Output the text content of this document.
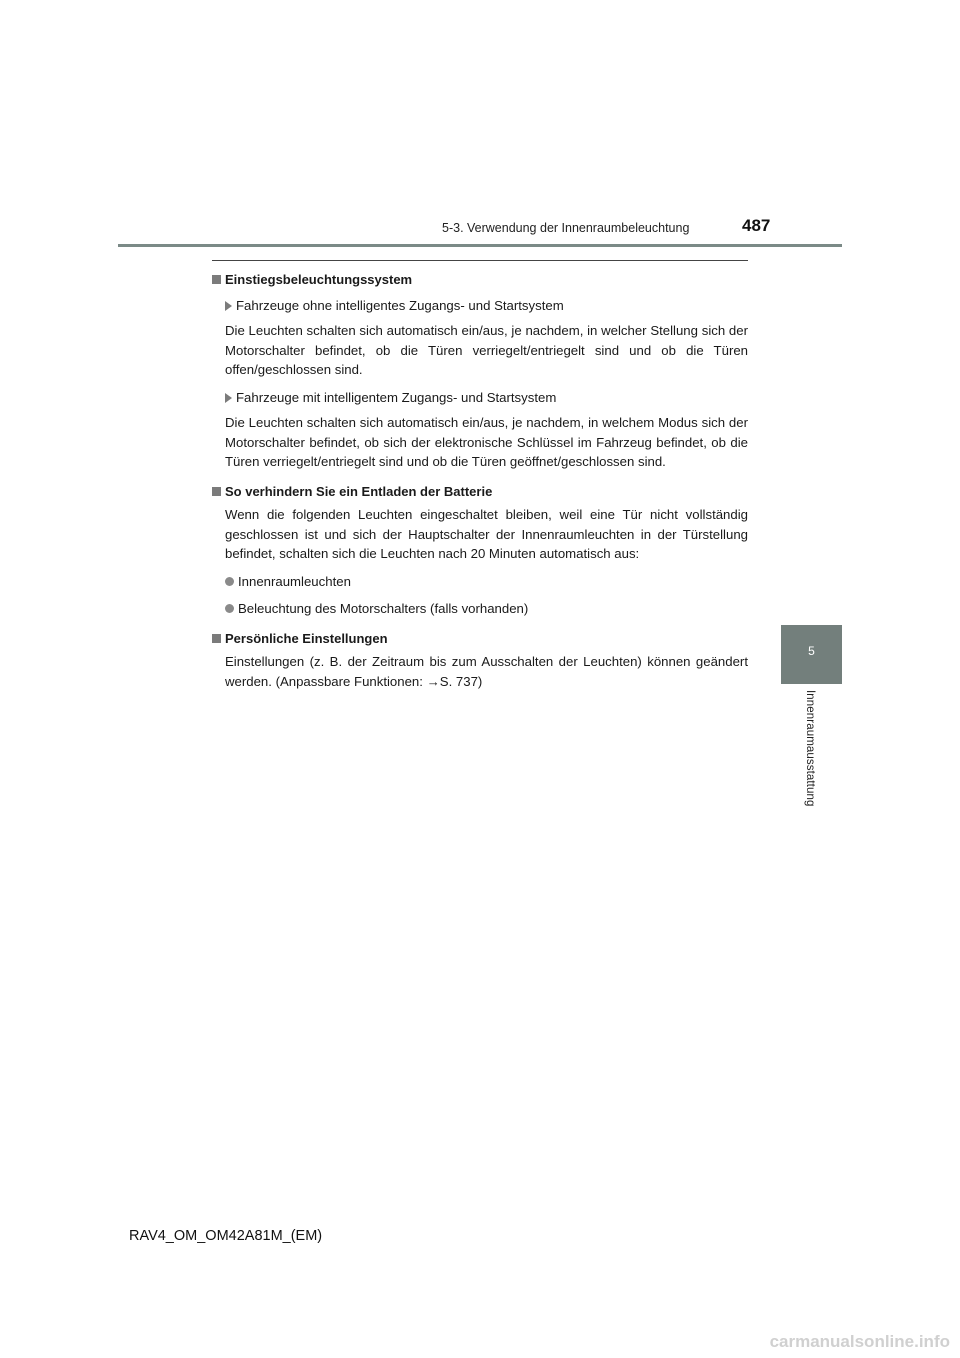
5-3. Verwendung der Innenraumbeleuchtung	487
5
Innenraumausstattung
Einstiegsbeleuchtungssystem
Fahrzeuge ohne intelligentes Zugangs- und Startsystem

Die Leuchten schalten sich automatisch ein/aus, je nachdem, in welcher Stellung sich der Motorschalter befindet, ob die Türen verriegelt/entriegelt sind und ob die Türen offen/geschlossen sind.

Fahrzeuge mit intelligentem Zugangs- und Startsystem

Die Leuchten schalten sich automatisch ein/aus, je nachdem, in welchem Modus sich der Motorschalter befindet, ob sich der elektronische Schlüssel im Fahrzeug befindet, ob die Türen verriegelt/entriegelt sind und ob die Türen geöffnet/geschlossen sind.

So verhindern Sie ein Entladen der Batterie

Wenn die folgenden Leuchten eingeschaltet bleiben, weil eine Tür nicht vollständig geschlossen ist und sich der Hauptschalter der Innenraumleuchten in der Türstellung befindet, schalten sich die Leuchten nach 20 Minuten automatisch aus:

Innenraumleuchten
Beleuchtung des Motorschalters (falls vorhanden)
Persönliche Einstellungen

Einstellungen (z. B. der Zeitraum bis zum Ausschalten der Leuchten) können geändert werden. (Anpassbare Funktionen: →S. 737)

RAV4_OM_OM42A81M_(EM)
carmanualsonline.info
